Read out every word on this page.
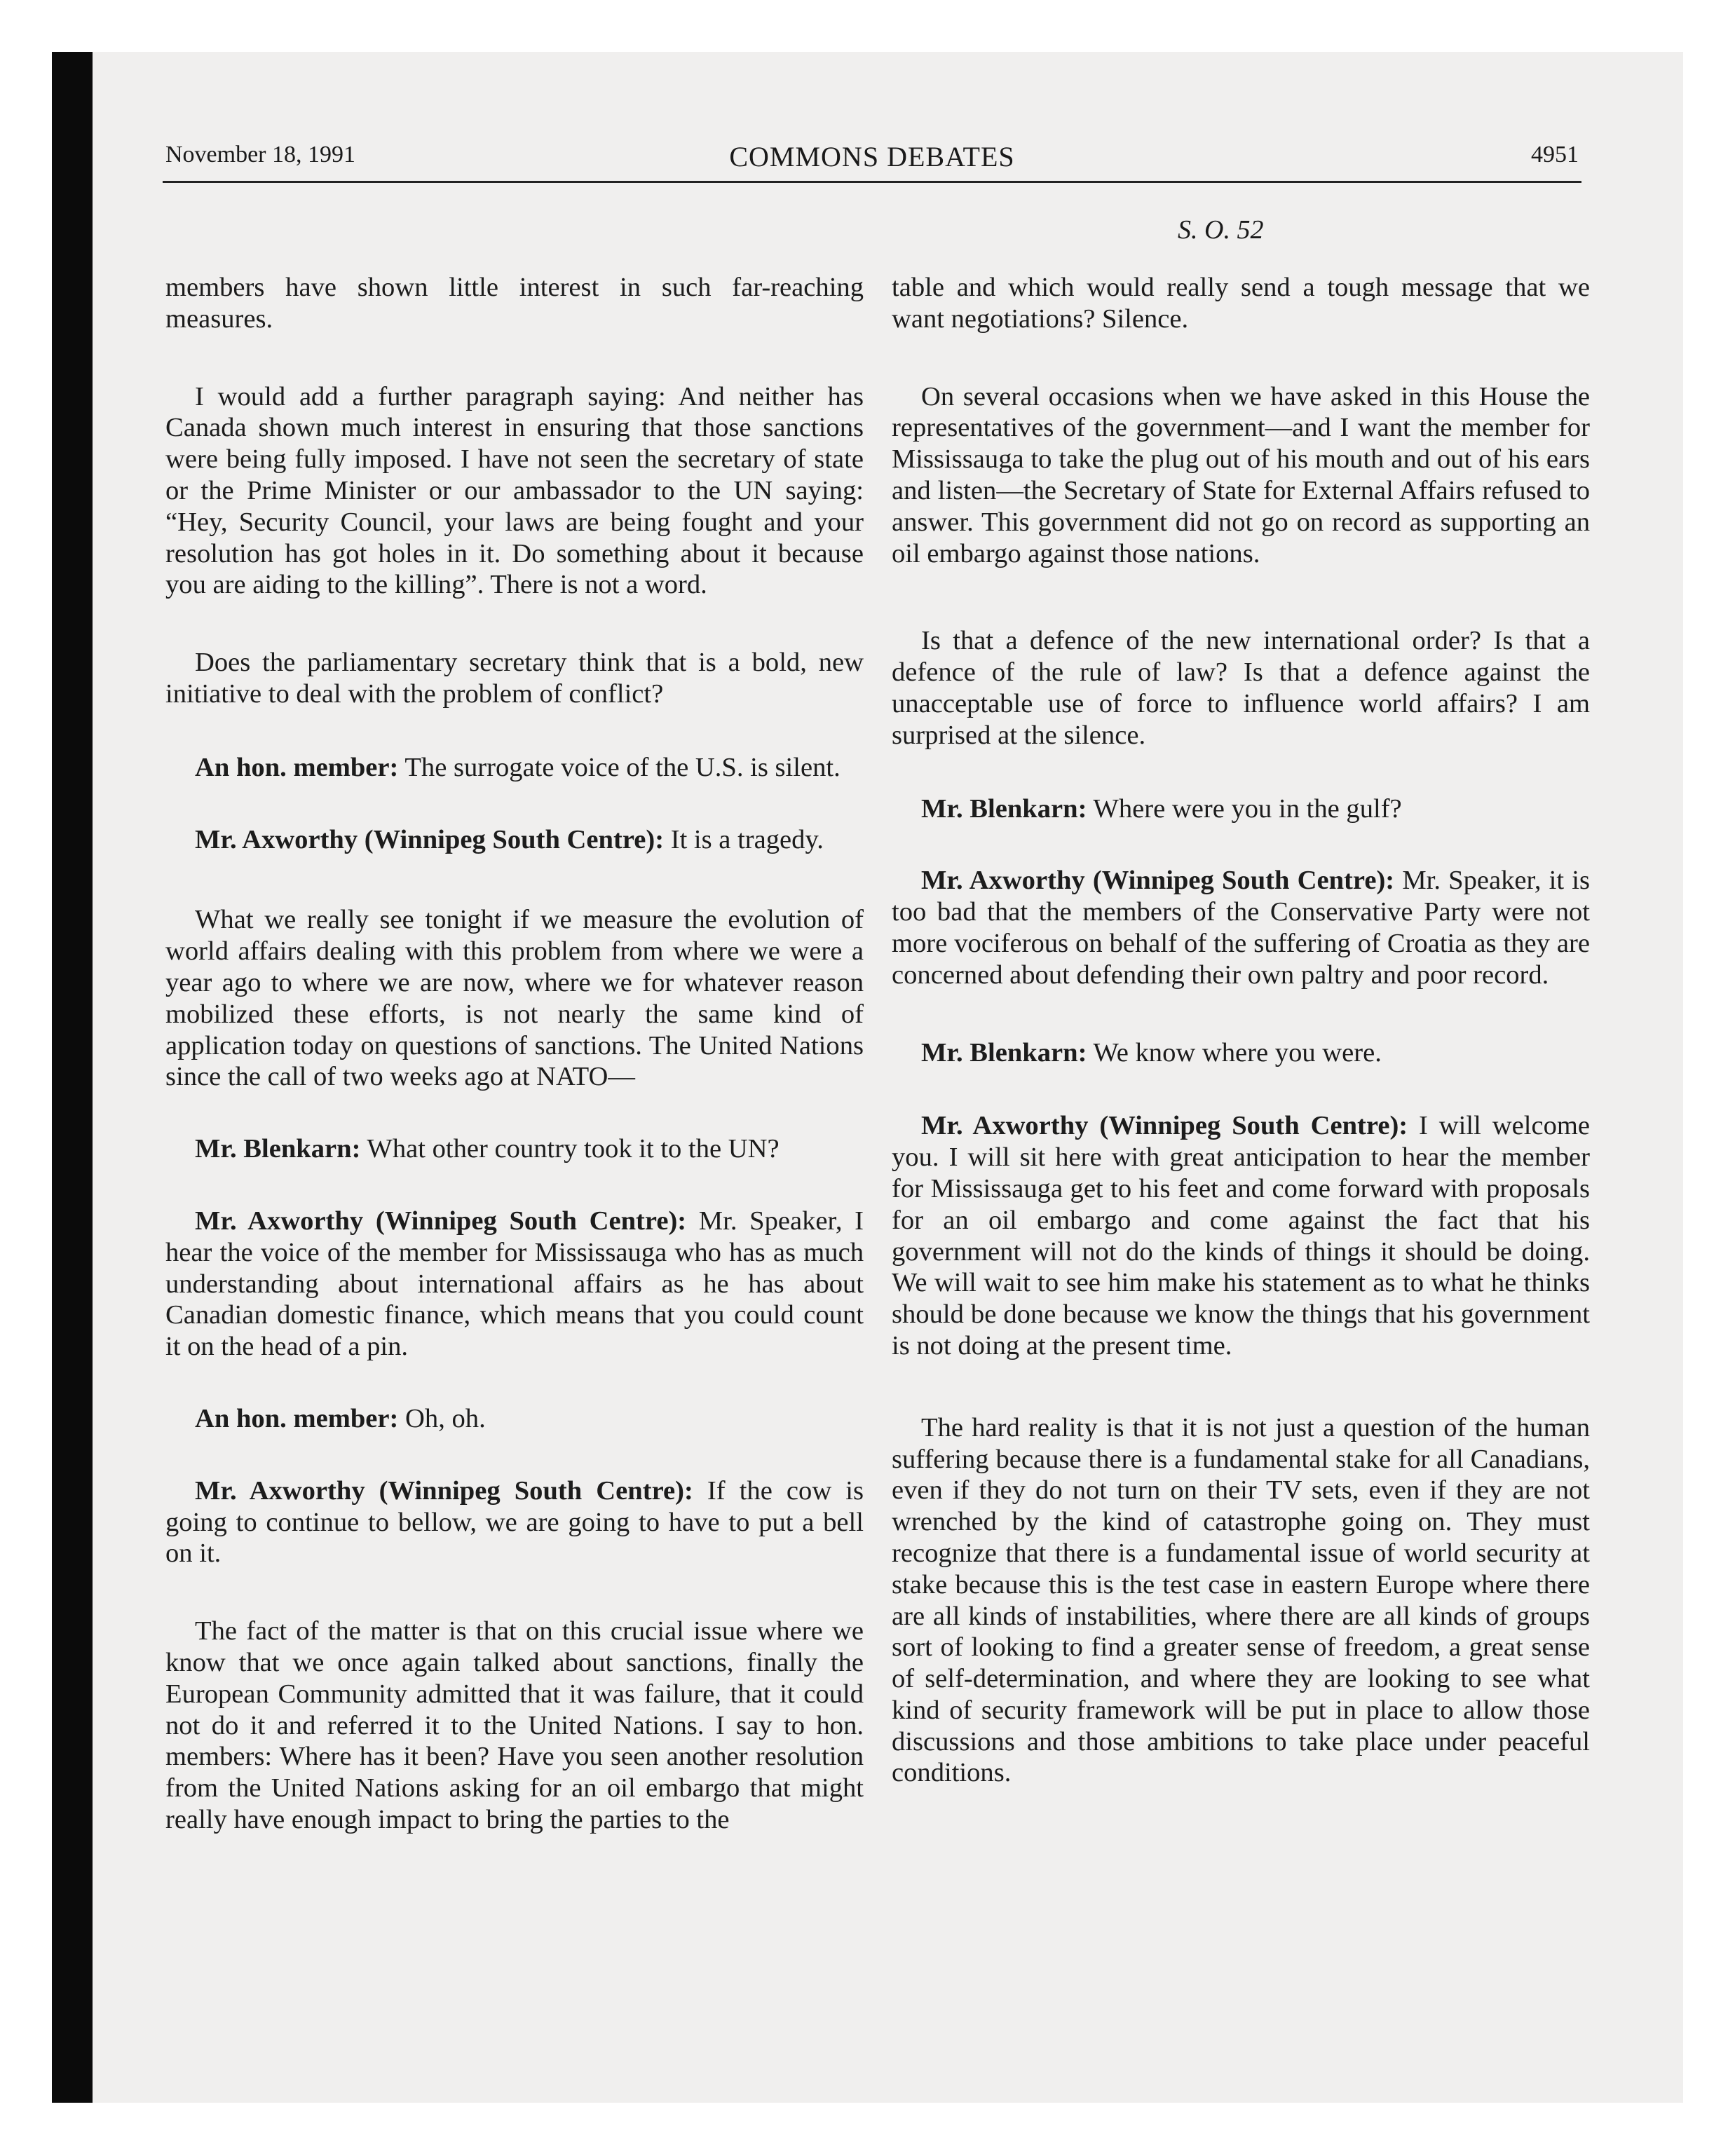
November 18, 1991	COMMONS DEBATES	4951
S. O. 52

members have shown little interest in such far-reaching measures.

I would add a further paragraph saying: And neither has Canada shown much interest in ensuring that those sanctions were being fully imposed. I have not seen the secretary of state or the Prime Minister or our ambassador to the UN saying: “Hey, Security Council, your laws are being fought and your resolution has got holes in it. Do something about it because you are aiding to the killing”. There is not a word.

Does the parliamentary secretary think that is a bold, new initiative to deal with the problem of conflict?

An hon. member: The surrogate voice of the U.S. is silent.

Mr. Axworthy (Winnipeg South Centre): It is a tragedy.

What we really see tonight if we measure the evolution of world affairs dealing with this problem from where we were a year ago to where we are now, where we for whatever reason mobilized these efforts, is not nearly the same kind of application today on questions of sanctions. The United Nations since the call of two weeks ago at NATO—

Mr. Blenkarn: What other country took it to the UN?

Mr. Axworthy (Winnipeg South Centre): Mr. Speaker, I hear the voice of the member for Mississauga who has as much understanding about international affairs as he has about Canadian domestic finance, which means that you could count it on the head of a pin.

An hon. member: Oh, oh.

Mr. Axworthy (Winnipeg South Centre): If the cow is going to continue to bellow, we are going to have to put a bell on it.

The fact of the matter is that on this crucial issue where we know that we once again talked about sanctions, finally the European Community admitted that it was failure, that it could not do it and referred it to the United Nations. I say to hon. members: Where has it been? Have you seen another resolution from the United Nations asking for an oil embargo that might really have enough impact to bring the parties to the

table and which would really send a tough message that we want negotiations? Silence.

On several occasions when we have asked in this House the representatives of the government—and I want the member for Mississauga to take the plug out of his mouth and out of his ears and listen—the Secretary of State for External Affairs refused to answer. This government did not go on record as supporting an oil embargo against those nations.

Is that a defence of the new international order? Is that a defence of the rule of law? Is that a defence against the unacceptable use of force to influence world affairs? I am surprised at the silence.

Mr. Blenkarn: Where were you in the gulf?

Mr. Axworthy (Winnipeg South Centre): Mr. Speaker, it is too bad that the members of the Conservative Party were not more vociferous on behalf of the suffering of Croatia as they are concerned about defending their own paltry and poor record.

Mr. Blenkarn: We know where you were.

Mr. Axworthy (Winnipeg South Centre): I will welcome you. I will sit here with great anticipation to hear the member for Mississauga get to his feet and come forward with proposals for an oil embargo and come against the fact that his government will not do the kinds of things it should be doing. We will wait to see him make his statement as to what he thinks should be done because we know the things that his government is not doing at the present time.

The hard reality is that it is not just a question of the human suffering because there is a fundamental stake for all Canadians, even if they do not turn on their TV sets, even if they are not wrenched by the kind of catastrophe going on. They must recognize that there is a fundamental issue of world security at stake because this is the test case in eastern Europe where there are all kinds of instabilities, where there are all kinds of groups sort of looking to find a greater sense of freedom, a great sense of self-determination, and where they are looking to see what kind of security framework will be put in place to allow those discussions and those ambitions to take place under peaceful conditions.
